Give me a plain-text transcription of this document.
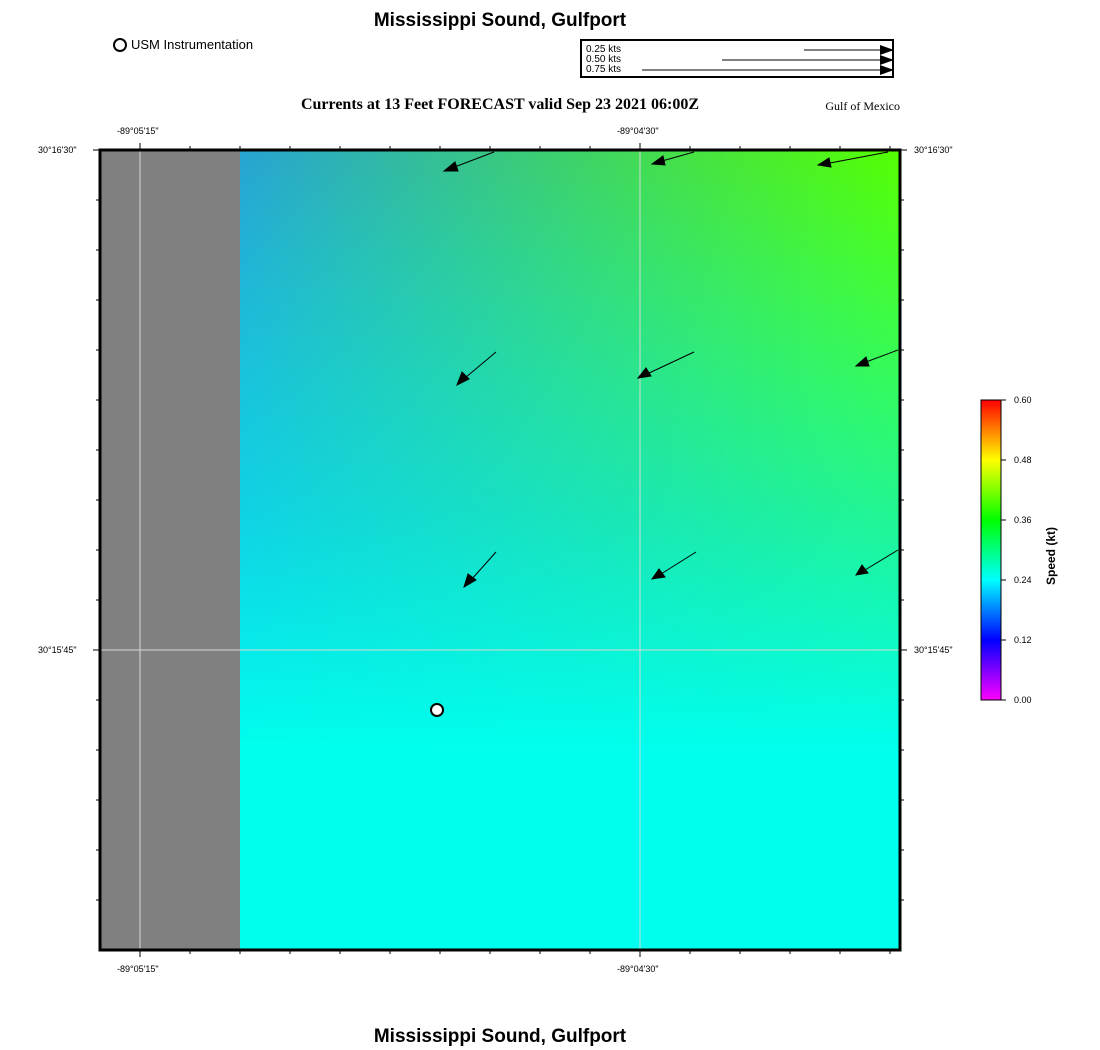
Mississippi Sound, Gulfport
USM Instrumentation	0.25 kts
0.50 kts
0.75 kts
Currents at 13 Feet FORECAST valid Sep 23 2021 06:00Z	Gulf of Mexico
-89°05'15"	-89°04'30"
-89°05'15"	-89°04'30"
30°16'30"
30°15'45"
30°16'30"
30°15'45"
0.60
0.48
0.36
0.24
0.12
0.00
Speed (kt)
Mississippi Sound, Gulfport
